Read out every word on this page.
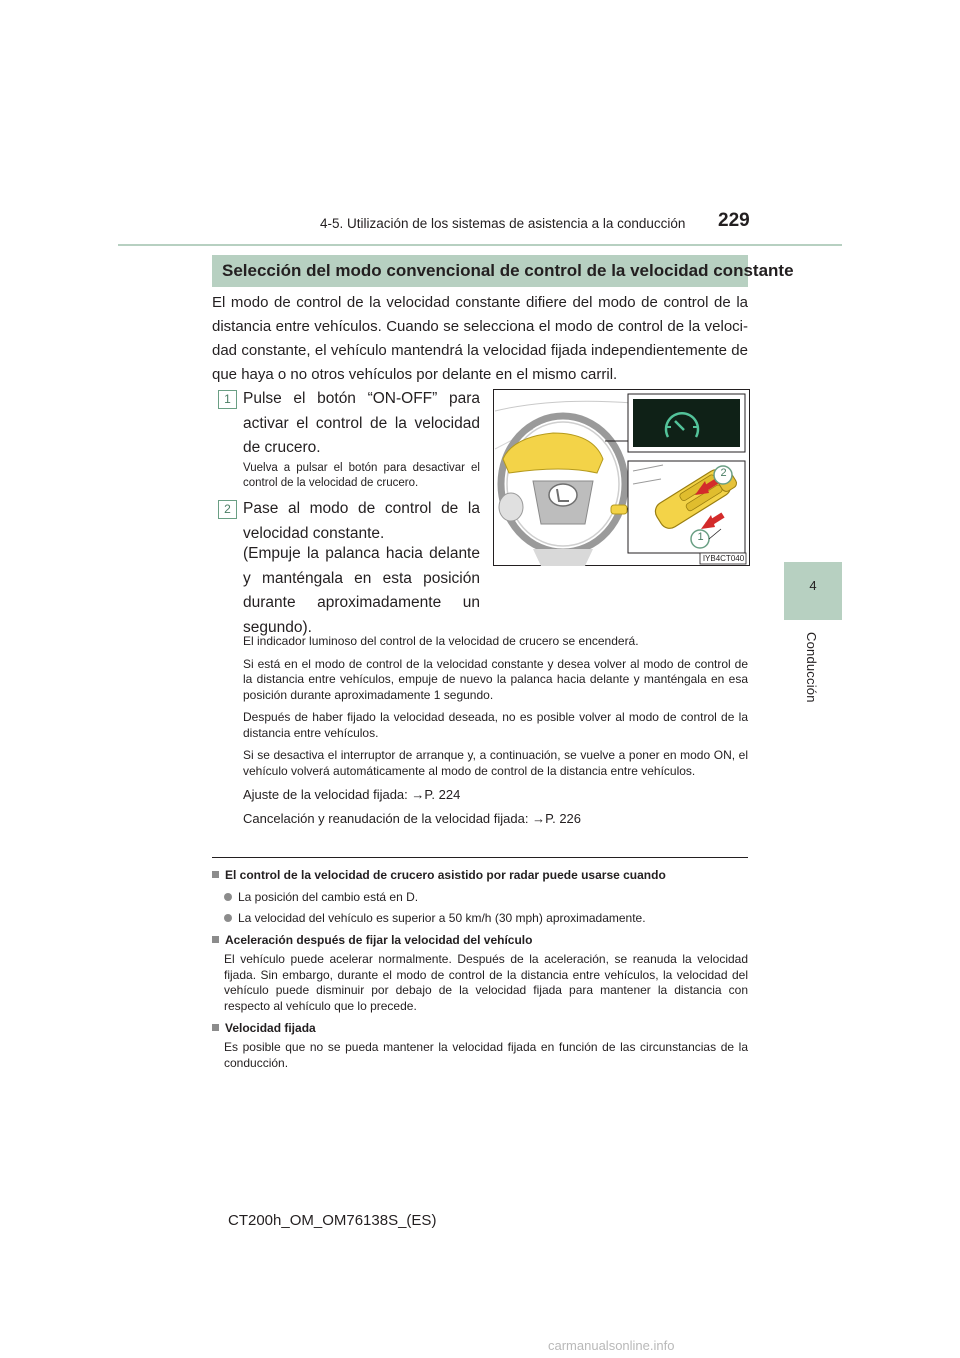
4-5. Utilización de los sistemas de asistencia a la conducción 229
4
Conducción
Selección del modo convencional de control de la velocidad constante

El modo de control de la velocidad constante difiere del modo de control de la distancia entre vehículos. Cuando se selecciona el modo de control de la velocidad constante, el vehículo mantendrá la velocidad fijada independientemente de que haya o no otros vehículos por delante en el mismo carril.

1 Pulse el botón “ON-OFF” para activar el control de la velocidad de crucero.

Vuelva a pulsar el botón para desactivar el control de la velocidad de crucero.

2 Pase al modo de control de la velocidad constante.

(Empuje la palanca hacia delante y manténgala en esta posición durante aproximadamente un segundo).

2
1
IYB4CT040

El indicador luminoso del control de la velocidad de crucero se encenderá.

Si está en el modo de control de la velocidad constante y desea volver al modo de control de la distancia entre vehículos, empuje de nuevo la palanca hacia delante y manténgala en esa posición durante aproximadamente 1 segundo.

Después de haber fijado la velocidad deseada, no es posible volver al modo de control de la distancia entre vehículos.

Si se desactiva el interruptor de arranque y, a continuación, se vuelve a poner en modo ON, el vehículo volverá automáticamente al modo de control de la distancia entre vehículos.

Ajuste de la velocidad fijada: →P. 224

Cancelación y reanudación de la velocidad fijada: →P. 226

El control de la velocidad de crucero asistido por radar puede usarse cuando
La posición del cambio está en D.
La velocidad del vehículo es superior a 50 km/h (30 mph) aproximadamente.
Aceleración después de fijar la velocidad del vehículo

El vehículo puede acelerar normalmente. Después de la aceleración, se reanuda la velocidad fijada. Sin embargo, durante el modo de control de la distancia entre vehículos, la velocidad del vehículo puede disminuir por debajo de la velocidad fijada para mantener la distancia con respecto al vehículo que lo precede.

Velocidad fijada

Es posible que no se pueda mantener la velocidad fijada en función de las circunstancias de la conducción.

CT200h_OM_OM76138S_(ES)
carmanualsonline.info
